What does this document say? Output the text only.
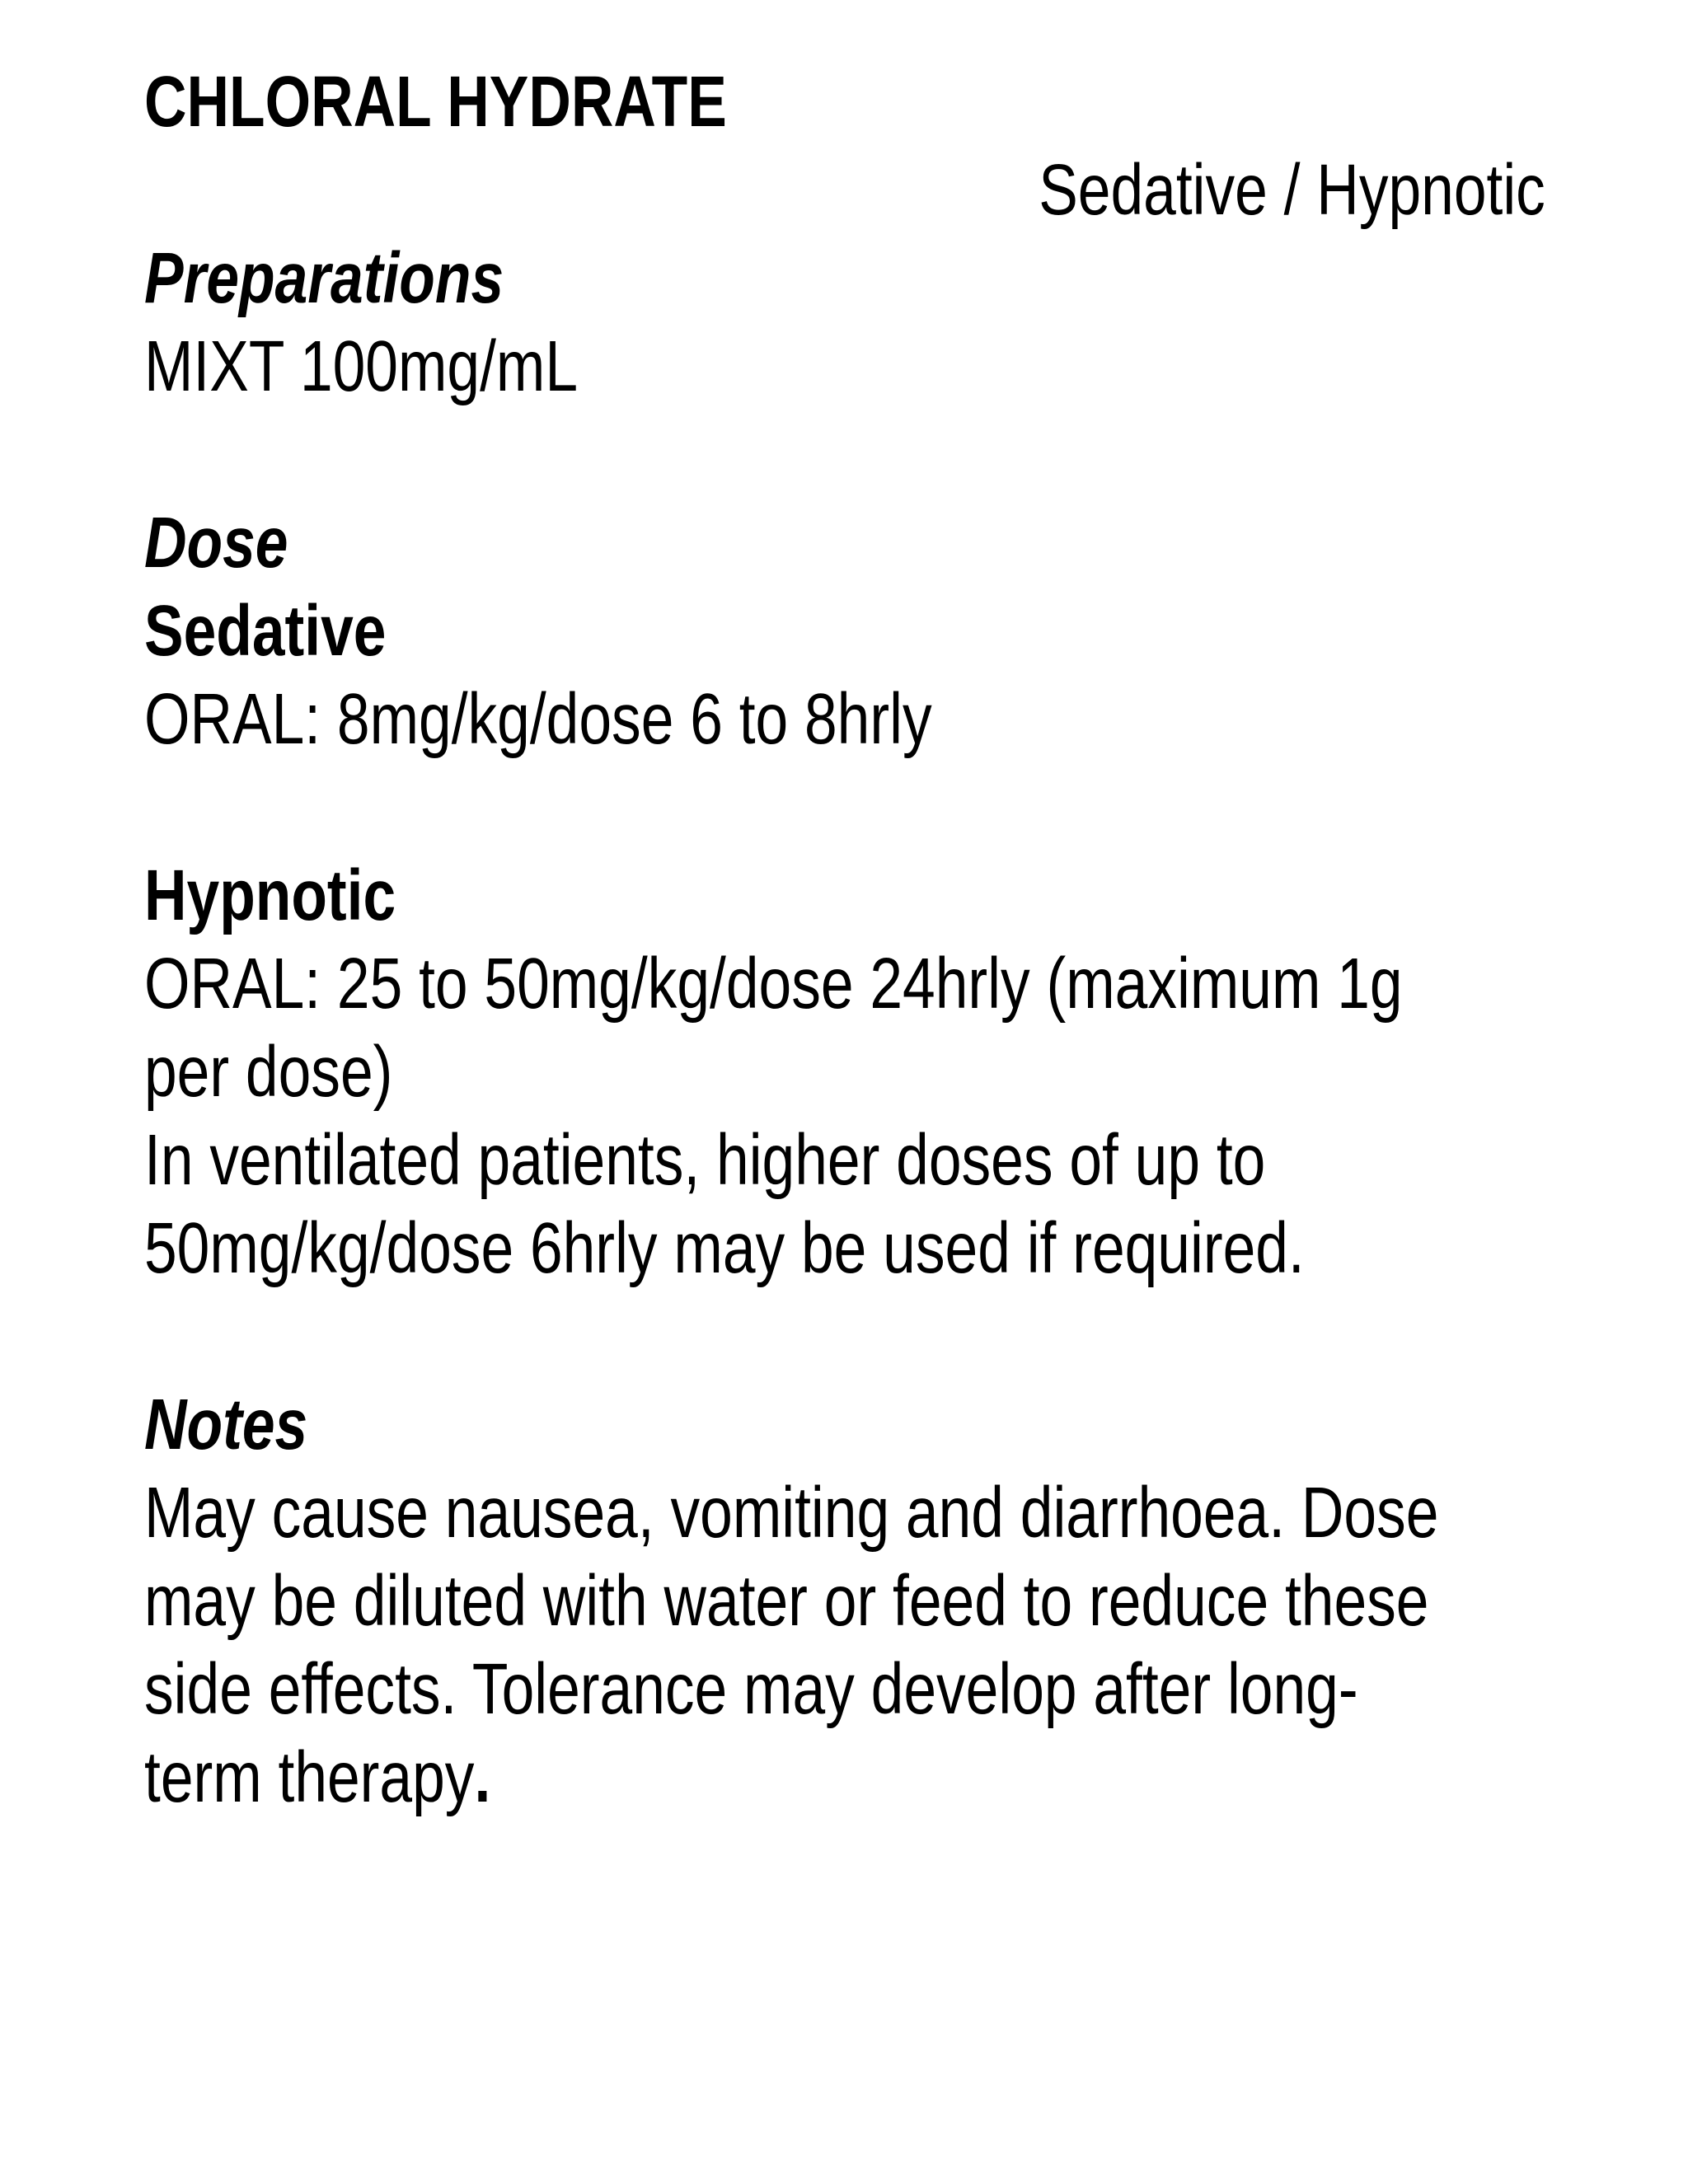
CHLORAL HYDRATE
Sedative / Hypnotic
Preparations
MIXT 100mg/mL
Dose
Sedative
ORAL: 8mg/kg/dose 6 to 8hrly
Hypnotic
ORAL: 25 to 50mg/kg/dose 24hrly (maximum 1g
per dose)
In ventilated patients, higher doses of up to
50mg/kg/dose 6hrly may be used if required.
Notes
May cause nausea, vomiting and diarrhoea. Dose
may be diluted with water or feed to reduce these
side effects. Tolerance may develop after long-
term therapy.
